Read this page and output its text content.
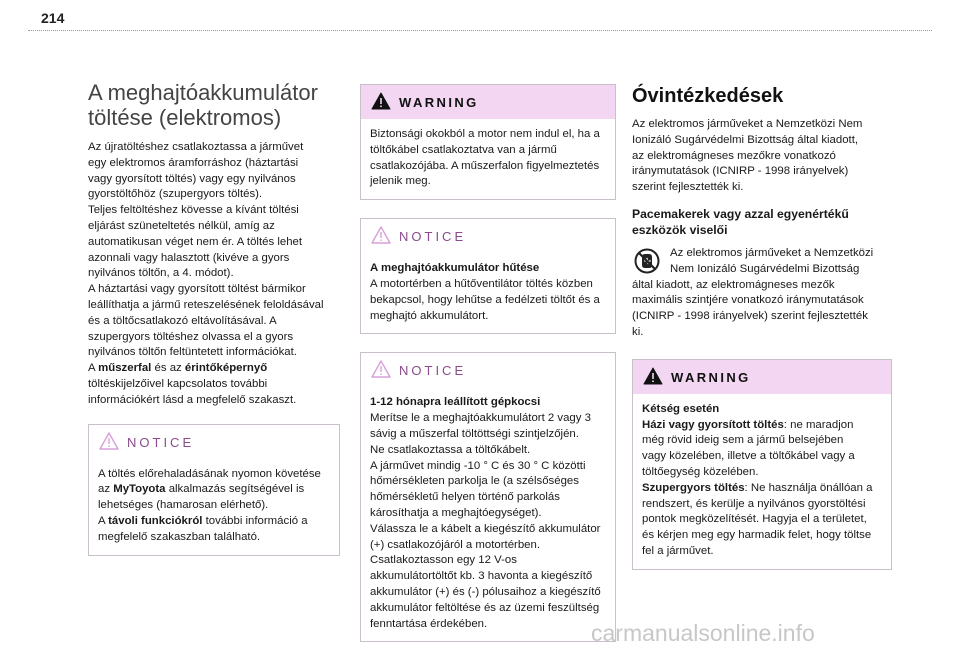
214
A meghajtóakkumulátor
töltése (elektromos)

Az újratöltéshez csatlakoztassa a járművet
egy elektromos áramforráshoz (háztartási
vagy gyorsított töltés) vagy egy nyilvános
gyorstöltőhöz (szupergyors töltés).
Teljes feltöltéshez kövesse a kívánt töltési
eljárást szüneteltetés nélkül, amíg az
automatikusan véget nem ér. A töltés lehet
azonnali vagy halasztott (kivéve a gyors
nyilvános töltőn, a 4. módot).
A háztartási vagy gyorsított töltést bármikor
leállíthatja a jármű reteszelésének feloldásával
és a töltőcsatlakozó eltávolításával. A
szupergyors töltéshez olvassa el a gyors
nyilvános töltőn feltüntetett információkat.
A műszerfal és az érintőképernyő
töltéskijelzőivel kapcsolatos további
információkért lásd a megfelelő szakaszt.

NOTICE

A töltés előrehaladásának nyomon követése
az MyToyota alkalmazás segítségével is
lehetséges (hamarosan elérhető).
A távoli funkciókról további információ a
megfelelő szakaszban található.

WARNING

Biztonsági okokból a motor nem indul el, ha a
töltőkábel csatlakoztatva van a jármű
csatlakozójába. A műszerfalon figyelmeztetés
jelenik meg.

NOTICE

A meghajtóakkumulátor hűtése
A motortérben a hűtőventilátor töltés közben
bekapcsol, hogy lehűtse a fedélzeti töltőt és a
meghajtó akkumulátort.

NOTICE

1-12 hónapra leállított gépkocsi
Merítse le a meghajtóakkumulátort 2 vagy 3
sávig a műszerfal töltöttségi szintjelzőjén.
Ne csatlakoztassa a töltőkábelt.
A járművet mindig -10 ° C és 30 ° C közötti
hőmérsékleten parkolja le (a szélsőséges
hőmérsékletű helyen történő parkolás
károsíthatja a meghajtóegységet).
Válassza le a kábelt a kiegészítő akkumulátor
(+) csatlakozójáról a motortérben.
Csatlakoztasson egy 12 V-os
akkumulátortöltőt kb. 3 havonta a kiegészítő
akkumulátor (+) és (-) pólusaihoz a kiegészítő
akkumulátor feltöltése és az üzemi feszültség
fenntartása érdekében.

Óvintézkedések

Az elektromos járműveket a Nemzetközi Nem
Ionizáló Sugárvédelmi Bizottság által kiadott,
az elektromágneses mezőkre vonatkozó
iránymutatások (ICNIRP - 1998 irányelvek)
szerint fejlesztették ki.

Pacemakerek vagy azzal egyenértékű
eszközök viselői

Az elektromos járműveket a Nemzetközi
Nem Ionizáló Sugárvédelmi Bizottság
által kiadott, az elektromágneses mezők
maximális szintjére vonatkozó iránymutatások
(ICNIRP - 1998 irányelvek) szerint fejlesztették
ki.

WARNING

Kétség esetén
Házi vagy gyorsított töltés: ne maradjon
még rövid ideig sem a jármű belsejében
vagy közelében, illetve a töltőkábel vagy a
töltőegység közelében.
Szupergyors töltés: Ne használja önállóan a
rendszert, és kerülje a nyilvános gyorstöltési
pontok megközelítését. Hagyja el a területet,
és kérjen meg egy harmadik felet, hogy töltse
fel a járművet.

carmanualsonline.info
